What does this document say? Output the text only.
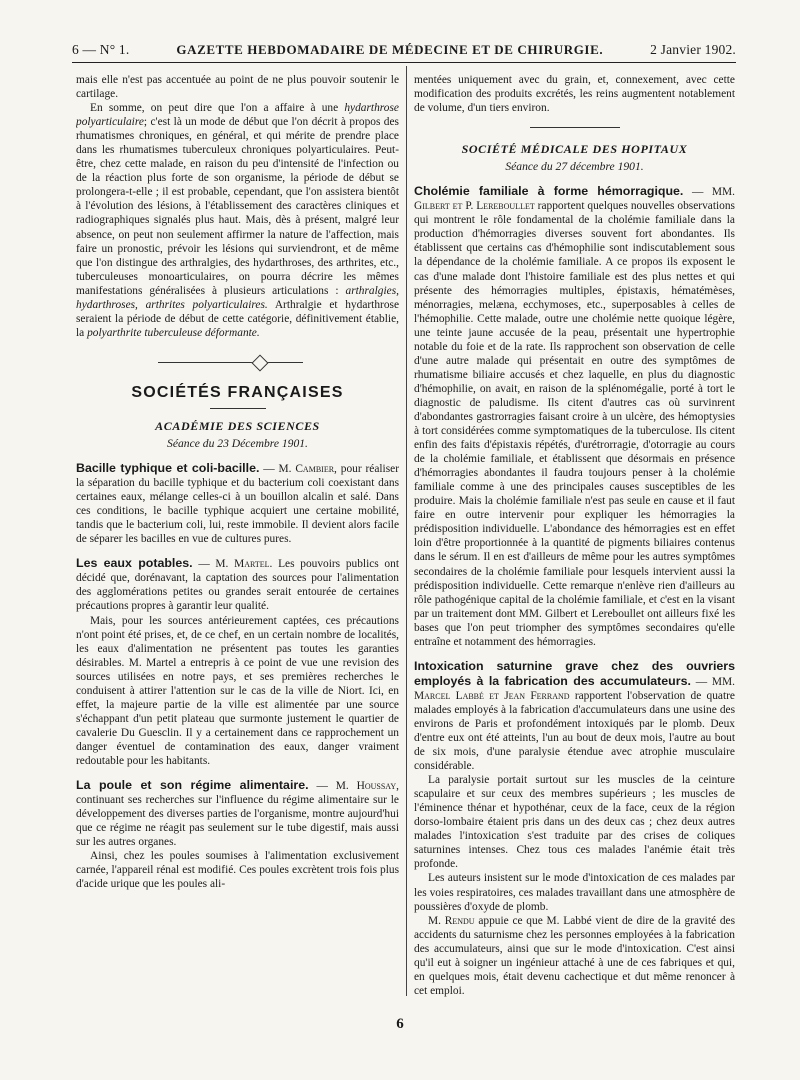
6 — N° 1.	GAZETTE HEBDOMADAIRE DE MÉDECINE ET DE CHIRURGIE.	2 Janvier 1902.

mais elle n'est pas accentuée au point de ne plus pouvoir soutenir le cartilage.

En somme, on peut dire que l'on a affaire à une hydarthrose polyarticulaire; c'est là un mode de début que l'on décrit à propos des rhumatismes chroniques, en général, et qui mérite de prendre place dans les rhumatismes tuberculeux chroniques polyarticulaires. Peut-être, chez cette malade, en raison du peu d'intensité de l'infection ou de la réaction plus forte de son organisme, la période de début se prolongera-t-elle ; il est probable, cependant, que l'on assistera bientôt à l'évolution des lésions, à l'établissement des caractères cliniques et radiographiques signalés plus haut. Mais, dès à présent, malgré leur absence, on peut non seulement affirmer la nature de l'affection, mais faire un pronostic, prévoir les lésions qui surviendront, et de même que l'on distingue des arthralgies, des hydarthroses, des arthrites, etc., tuberculeuses monoarticulaires, on pourra décrire les mêmes manifestations généralisées à plusieurs articulations : arthralgies, hydarthroses, arthrites polyarticulaires. Arthralgie et hydarthrose seraient la période de début de cette catégorie, définitivement établie, la polyarthrite tuberculeuse déformante.

SOCIÉTÉS FRANÇAISES
ACADÉMIE DES SCIENCES
Séance du 23 Décembre 1901.

Bacille typhique et coli-bacille. — M. Cambier, pour réaliser la séparation du bacille typhique et du bacterium coli coexistant dans certaines eaux, mélange celles-ci à un bouillon alcalin et salé. Dans ces conditions, le bacille typhique acquiert une certaine mobilité, tandis que le bacterium coli, lui, reste immobile. Il devient alors facile de séparer les bacilles en vue de cultures pures.

Les eaux potables. — M. Martel. Les pouvoirs publics ont décidé que, dorénavant, la captation des sources pour l'alimentation des agglomérations petites ou grandes serait entourée de certaines précautions propres à garantir leur qualité.

Mais, pour les sources antérieurement captées, ces précautions n'ont point été prises, et, de ce chef, en un certain nombre de localités, les eaux d'alimentation ne présentent pas toutes les garanties désirables. M. Martel a entrepris à ce point de vue une revision des sources utilisées en notre pays, et ses premières recherches le conduisent à attirer l'attention sur le cas de la ville de Niort. Ici, en effet, la majeure partie de la ville est alimentée par une source s'échappant d'un petit plateau que surmonte justement le quartier de cavalerie Du Guesclin. Il y a certainement dans ce rapprochement un danger éventuel de contamination des eaux, danger vraiment redoutable pour les habitants.

La poule et son régime alimentaire. — M. Houssay, continuant ses recherches sur l'influence du régime alimentaire sur le développement des diverses parties de l'organisme, montre aujourd'hui que ce régime ne réagit pas seulement sur le tube digestif, mais aussi sur les autres organes.

Ainsi, chez les poules soumises à l'alimentation exclusivement carnée, l'appareil rénal est modifié. Ces poules excrètent trois fois plus d'acide urique que les poules ali-

mentées uniquement avec du grain, et, connexement, avec cette modification des produits excrétés, les reins augmentent notablement de volume, d'un tiers environ.

SOCIÉTÉ MÉDICALE DES HOPITAUX
Séance du 27 décembre 1901.

Cholémie familiale à forme hémorragique. — MM. Gilbert et P. Lereboullet rapportent quelques nouvelles observations qui montrent le rôle fondamental de la cholémie familiale dans la production d'hémorragies diverses souvent fort abondantes. Ils établissent que certains cas d'hémophilie sont indiscutablement sous la dépendance de la cholémie familiale. A ce propos ils exposent le cas d'une malade dont l'histoire familiale est des plus nettes et qui présente des hémorragies multiples, épistaxis, hématémèses, ménorragies, melæna, ecchymoses, etc., superposables à celles de l'hémophilie. Cette malade, outre une cholémie nette quoique légère, une teinte jaune accusée de la peau, présentait une hypertrophie notable du foie et de la rate. Ils rapprochent son observation de celle d'une autre malade qui présentait en outre des symptômes de rhumatisme biliaire accusés et chez laquelle, en plus du diagnostic d'hémophilie, on avait, en raison de la splénomégalie, porté à tort le diagnostic de paludisme. Ils citent d'autres cas où survinrent d'abondantes gastrorragies faisant croire à un ulcère, des hémoptysies à tort considérées comme symptomatiques de la tuberculose. Ils citent enfin des faits d'épistaxis répétés, d'urétrorragie, d'otorragie au cours de la cholémie familiale, et établissent que désormais en présence d'hémorragies abondantes il faudra toujours penser à la cholémie familiale comme à une des principales causes susceptibles de les produire. Mais la cholémie familiale n'est pas seule en cause et il faut faire en outre intervenir pour expliquer les hémorragies la prédisposition individuelle. L'abondance des hémorragies est en effet loin d'être proportionnée à la quantité de pigments biliaires contenus dans le sérum. Il en est d'ailleurs de même pour les autres symptômes secondaires de la cholémie familiale pour lesquels intervient aussi la prédisposition individuelle. Cette remarque n'enlève rien d'ailleurs au rôle pathogénique capital de la cholémie familiale, et c'est en la visant par un traitement dont MM. Gilbert et Lereboullet ont ailleurs fixé les bases que l'on peut triompher des symptômes secondaires qu'elle entraîne et notamment des hémorragies.

Intoxication saturnine grave chez des ouvriers employés à la fabrication des accumulateurs. — MM. Marcel Labbé et Jean Ferrand rapportent l'observation de quatre malades employés à la fabrication d'accumulateurs dans une usine des environs de Paris et profondément intoxiqués par le plomb. Deux d'entre eux ont été atteints, l'un au bout de deux mois, l'autre au bout de six mois, d'une paralysie étendue avec atrophie musculaire considérable.

La paralysie portait surtout sur les muscles de la ceinture scapulaire et sur ceux des membres supérieurs ; les muscles de l'éminence thénar et hypothénar, ceux de la face, ceux de la région dorso-lombaire étaient pris dans un des deux cas ; chez deux autres malades l'intoxication s'est traduite par des crises de coliques saturnines intenses. Chez tous ces malades l'anémie était très profonde.

Les auteurs insistent sur le mode d'intoxication de ces malades par les voies respiratoires, ces malades travaillant dans une atmosphère de poussières d'oxyde de plomb.

M. Rendu appuie ce que M. Labbé vient de dire de la gravité des accidents du saturnisme chez les personnes employées à la fabrication des accumulateurs, ainsi que sur le mode d'intoxication. C'est ainsi qu'il eut à soigner un ingénieur attaché à une de ces fabriques et qui, en quelques mois, était devenu cachectique et dut même renoncer à cet emploi.

6
